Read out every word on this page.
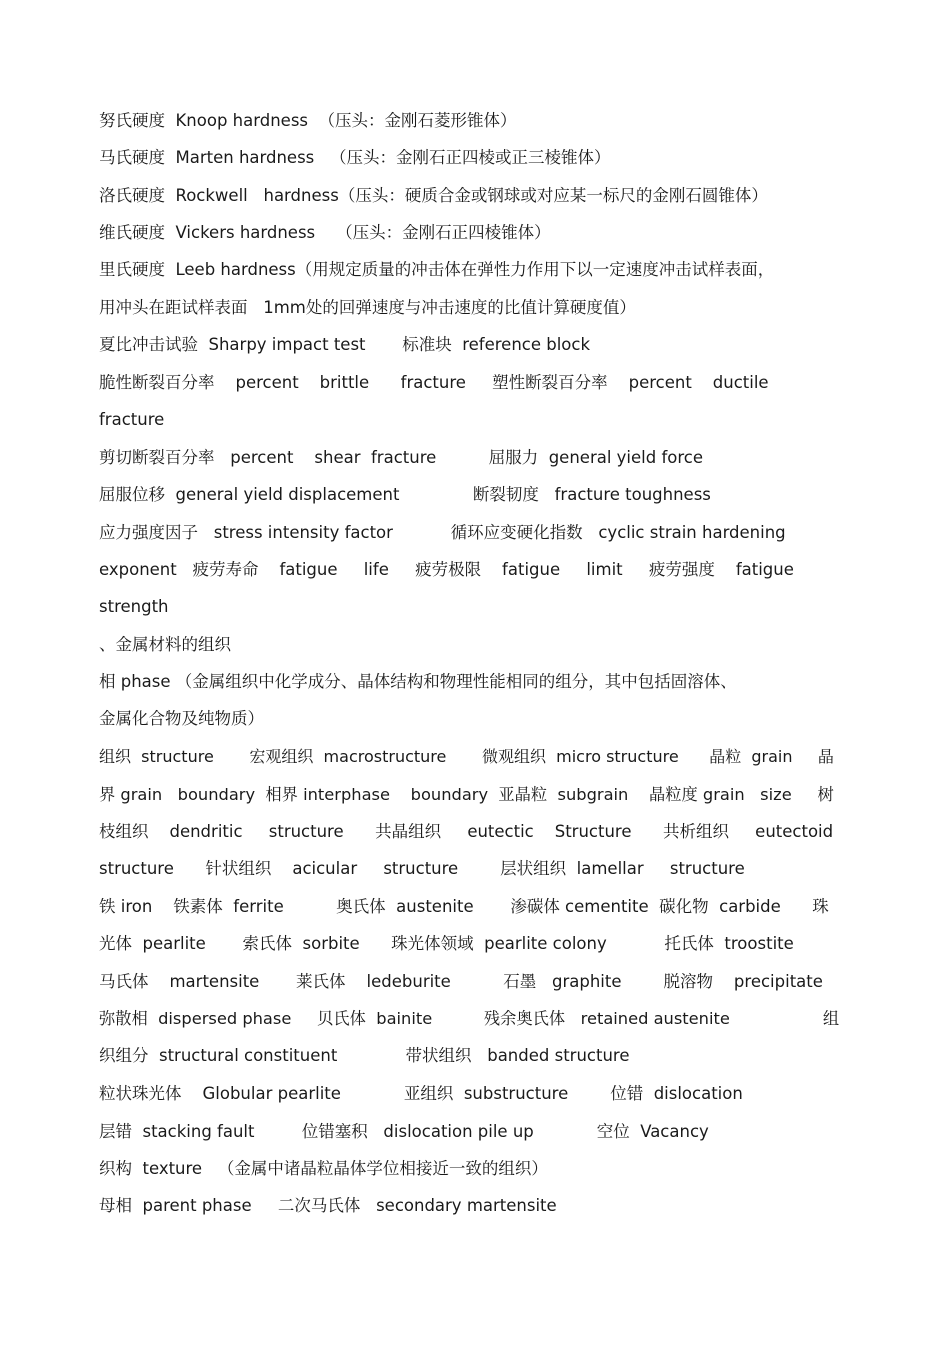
努氏硬度  Knoop hardness  （压头：金刚石菱形锥体）
马氏硬度  Marten hardness   （压头：金刚石正四棱或正三棱锥体）
洛氏硬度  Rockwell   hardness（压头：硬质合金或钢球或对应某一标尺的金刚石圆锥体）
维氏硬度  Vickers hardness    （压头：金刚石正四棱锥体）
里氏硬度  Leeb hardness（用规定质量的冲击体在弹性力作用下以一定速度冲击试样表面，
用冲头在距试样表面   1mm处的回弹速度与冲击速度的比值计算硬度值）
夏比冲击试验  Sharpy impact test       标准块  reference block
脆性断裂百分率    percent    brittle      fracture     塑性断裂百分率    percent    ductile
fracture
剪切断裂百分率   percent    shear  fracture          屈服力  general yield force
屈服位移  general yield displacement              断裂韧度   fracture toughness
应力强度因子   stress intensity factor           循环应变硬化指数   cyclic strain hardening
exponent   疲劳寿命    fatigue     life     疲劳极限    fatigue     limit     疲劳强度    fatigue
strength
、金属材料的组织
相 phase （金属组织中化学成分、晶体结构和物理性能相同的组分，其中包括固溶体、
金属化合物及纯物质）
组织  structure       宏观组织  macrostructure       微观组织  micro structure      晶粒  grain     晶
界 grain   boundary  相界 interphase    boundary  亚晶粒  subgrain    晶粒度 grain   size     树
枝组织    dendritic     structure      共晶组织     eutectic    Structure      共析组织     eutectoid
structure      针状组织    acicular     structure        层状组织  lamellar     structure
铁 iron    铁素体  ferrite          奥氏体  austenite       渗碳体 cementite  碳化物  carbide      珠
光体  pearlite       索氏体  sorbite      珠光体领域  pearlite colony           托氏体  troostite
马氏体    martensite       莱氏体    ledeburite          石墨   graphite        脱溶物    precipitate
弥散相  dispersed phase     贝氏体  bainite          残余奥氏体   retained austenite                  组
织组分  structural constituent             带状组织   banded structure
粒状珠光体    Globular pearlite            亚组织  substructure        位错  dislocation
层错  stacking fault         位错塞积   dislocation pile up            空位  Vacancy
织构  texture   （金属中诸晶粒晶体学位相接近一致的组织）
母相  parent phase     二次马氏体   secondary martensite
